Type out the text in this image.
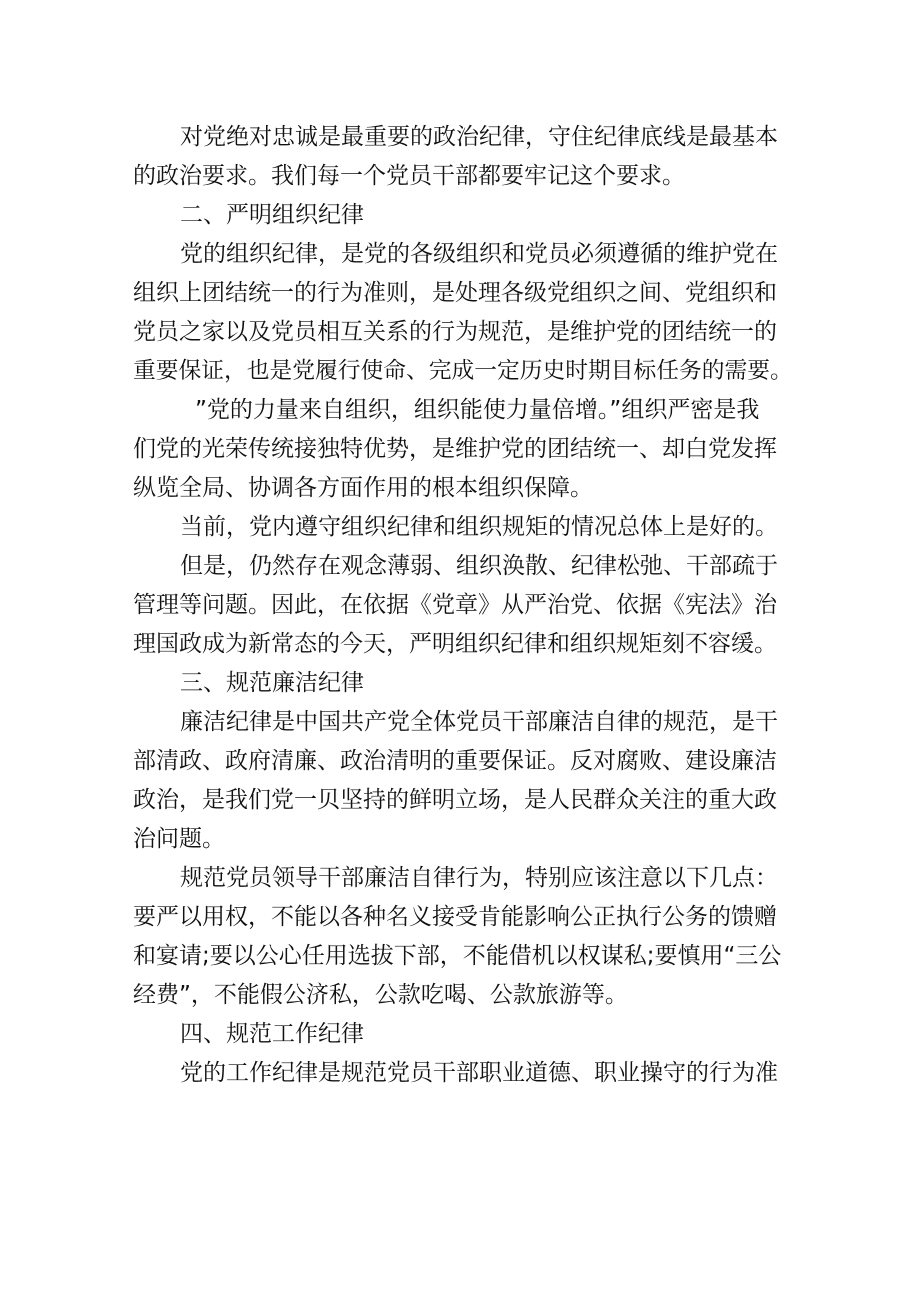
对党绝对忠诚是最重要的政治纪律，守住纪律底线是最基本
的政治要求。我们每一个党员干部都要牢记这个要求。
二、严明组织纪律
党的组织纪律，是党的各级组织和党员必须遵循的维护党在
组织上团结统一的行为准则，是处理各级党组织之间、党组织和
党员之家以及党员相互关系的行为规范，是维护党的团结统一的
重要保证，也是党履行使命、完成一定历史时期目标任务的需要。
”党的力量来自组织，组织能使力量倍增。”组织严密是我
们党的光荣传统接独特优势，是维护党的团结统一、却白党发挥
纵览全局、协调各方面作用的根本组织保障。
当前，党内遵守组织纪律和组织规矩的情况总体上是好的。
但是，仍然存在观念薄弱、组织涣散、纪律松弛、干部疏于
管理等问题。因此，在依据《党章》从严治党、依据《宪法》治
理国政成为新常态的今天，严明组织纪律和组织规矩刻不容缓。
三、规范廉洁纪律
廉洁纪律是中国共产党全体党员干部廉洁自律的规范，是干
部清政、政府清廉、政治清明的重要保证。反对腐败、建设廉洁
政治，是我们党一贝坚持的鲜明立场，是人民群众关注的重大政
治问题。
规范党员领导干部廉洁自律行为，特别应该注意以下几点：
要严以用权，不能以各种名义接受肯能影响公正执行公务的馈赠
和宴请;要以公心任用选拔下部，不能借机以权谋私;要慎用“三公
经费”，不能假公济私，公款吃喝、公款旅游等。
四、规范工作纪律
党的工作纪律是规范党员干部职业道德、职业操守的行为准
